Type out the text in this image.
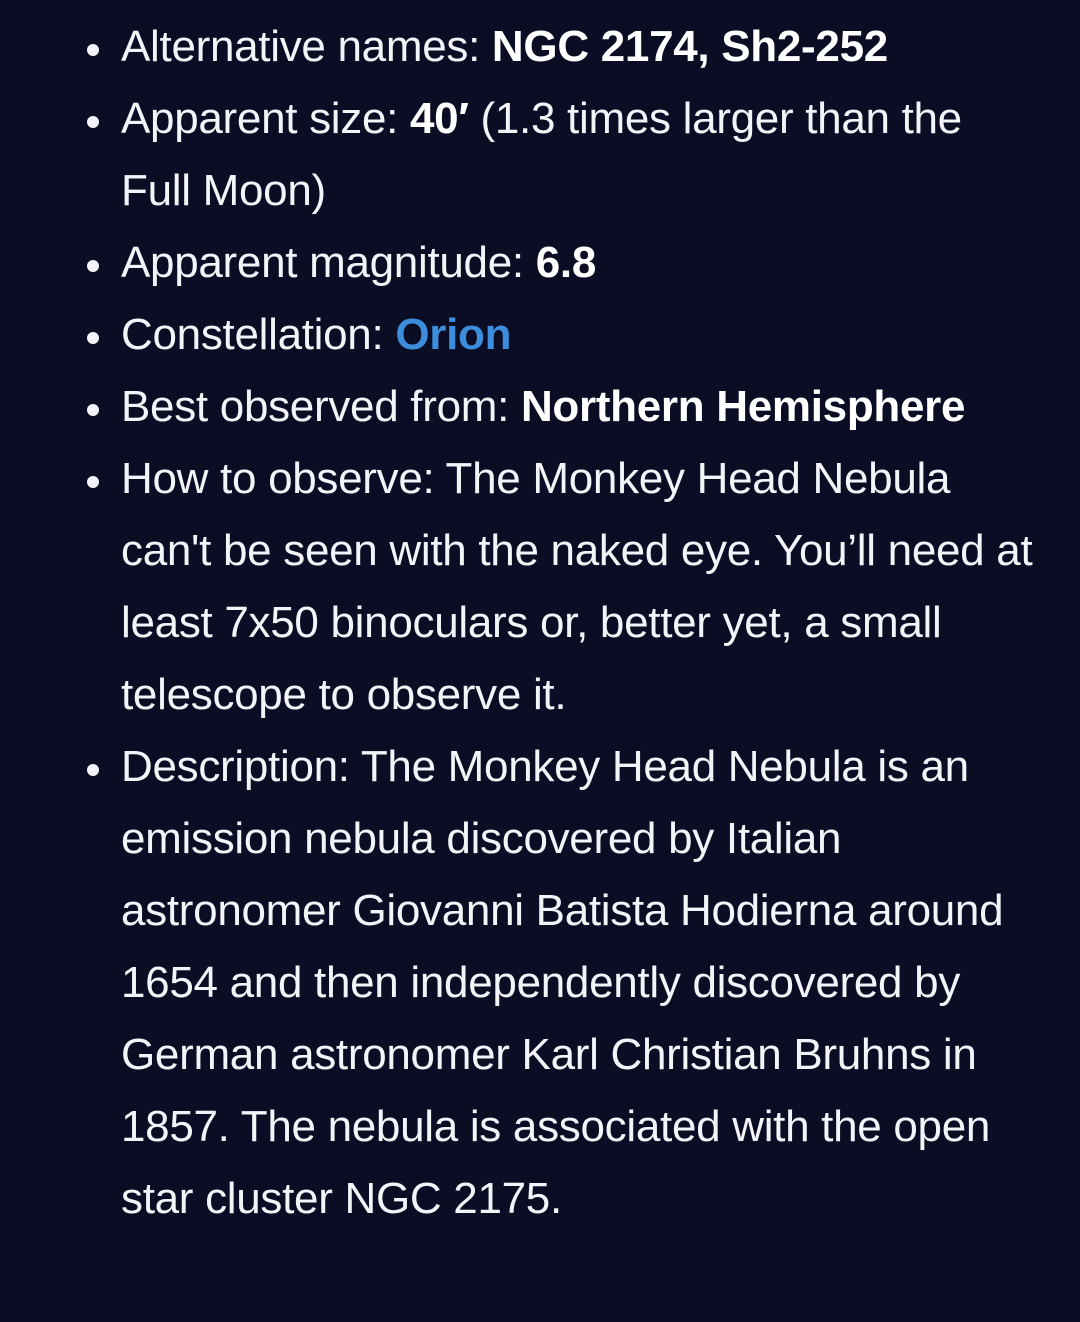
Alternative names: NGC 2174, Sh2-252
Apparent size: 40′ (1.3 times larger than the Full Moon)
Apparent magnitude: 6.8
Constellation: Orion
Best observed from: Northern Hemisphere
How to observe: The Monkey Head Nebula can't be seen with the naked eye. You’ll need at least 7x50 binoculars or, better yet, a small telescope to observe it.
Description: The Monkey Head Nebula is an emission nebula discovered by Italian astronomer Giovanni Batista Hodierna around 1654 and then independently discovered by German astronomer Karl Christian Bruhns in 1857. The nebula is associated with the open star cluster NGC 2175.
